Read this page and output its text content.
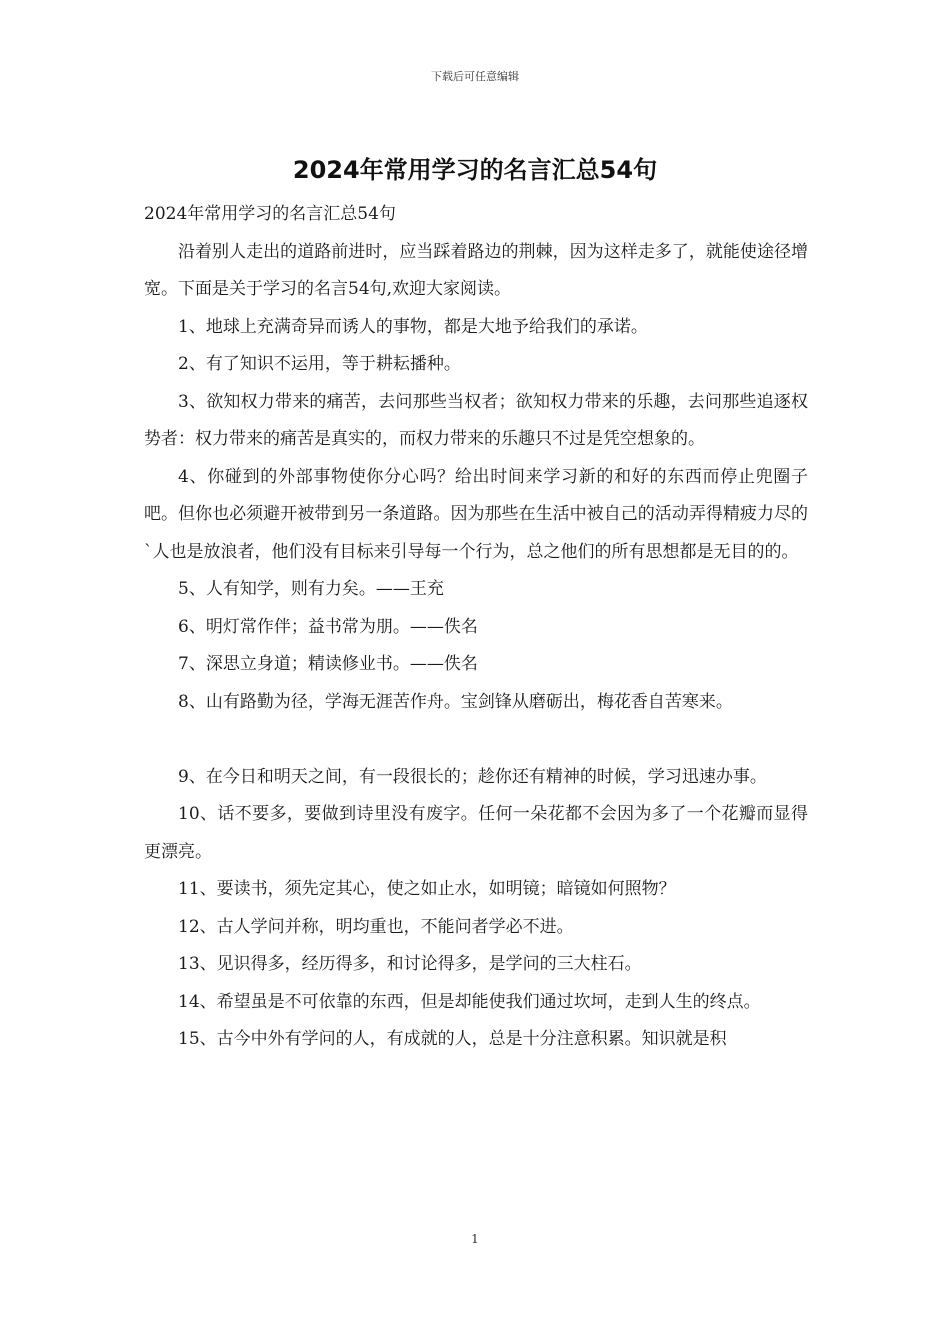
下载后可任意编辑
2024年常用学习的名言汇总54句

2024年常用学习的名言汇总54句

沿着别人走出的道路前进时，应当踩着路边的荆棘，因为这样走多了，就能使途径增宽。下面是关于学习的名言54句,欢迎大家阅读。

1、地球上充满奇异而诱人的事物，都是大地予给我们的承诺。

2、有了知识不运用，等于耕耘播种。

3、欲知权力带来的痛苦，去问那些当权者；欲知权力带来的乐趣，去问那些追逐权势者：权力带来的痛苦是真实的，而权力带来的乐趣只不过是凭空想象的。

4、你碰到的外部事物使你分心吗？给出时间来学习新的和好的东西而停止兜圈子吧。但你也必须避开被带到另一条道路。因为那些在生活中被自己的活动弄得精疲力尽的`人也是放浪者，他们没有目标来引导每一个行为，总之他们的所有思想都是无目的的。

5、人有知学，则有力矣。——王充

6、明灯常作伴；益书常为朋。——佚名

7、深思立身道；精读修业书。——佚名

8、山有路勤为径，学海无涯苦作舟。宝剑锋从磨砺出，梅花香自苦寒来。

9、在今日和明天之间，有一段很长的；趁你还有精神的时候，学习迅速办事。

10、话不要多，要做到诗里没有废字。任何一朵花都不会因为多了一个花瓣而显得更漂亮。

11、要读书，须先定其心，使之如止水，如明镜；暗镜如何照物？

12、古人学问并称，明均重也，不能问者学必不进。

13、见识得多，经历得多，和讨论得多，是学问的三大柱石。

14、希望虽是不可依靠的东西，但是却能使我们通过坎坷，走到人生的终点。

15、古今中外有学问的人，有成就的人，总是十分注意积累。知识就是积

1
